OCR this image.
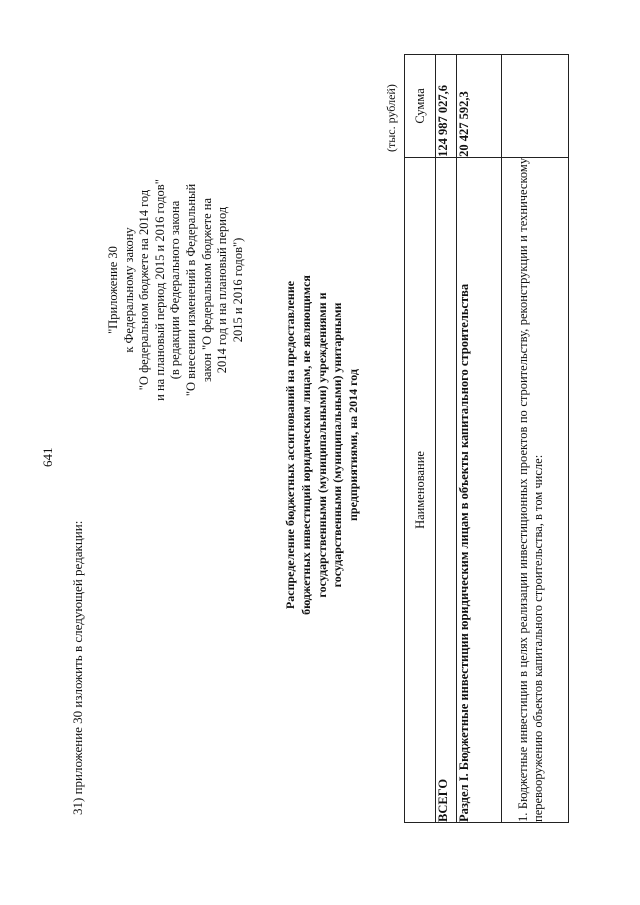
641
31) приложение 30 изложить в следующей редакции:
"Приложение 30 к Федеральному закону "О федеральном бюджете на 2014 год и на плановый период 2015 и 2016 годов" (в редакции Федерального закона "О внесении изменений в Федеральный закон "О федеральном бюджете на 2014 год и на плановый период 2015 и 2016 годов")	Распределение бюджетных ассигнований на предоставление бюджетных инвестиций юридическим лицам, не являющимся государственными (муниципальными) учреждениями и государственными (муниципальными) унитарными предприятиями, на 2014 год
(тыс. рублей)
Наименование	Сумма
ВСЕГО	124 987 027,6
Раздел I. Бюджетные инвестиции юридическим лицам в объекты капитального строительства	20 427 592,3
1. Бюджетные инвестиции в целях реализации инвестиционных проектов по строительству, реконструкции и техническому перевооружению объектов капитального строительства, в том числе:	
